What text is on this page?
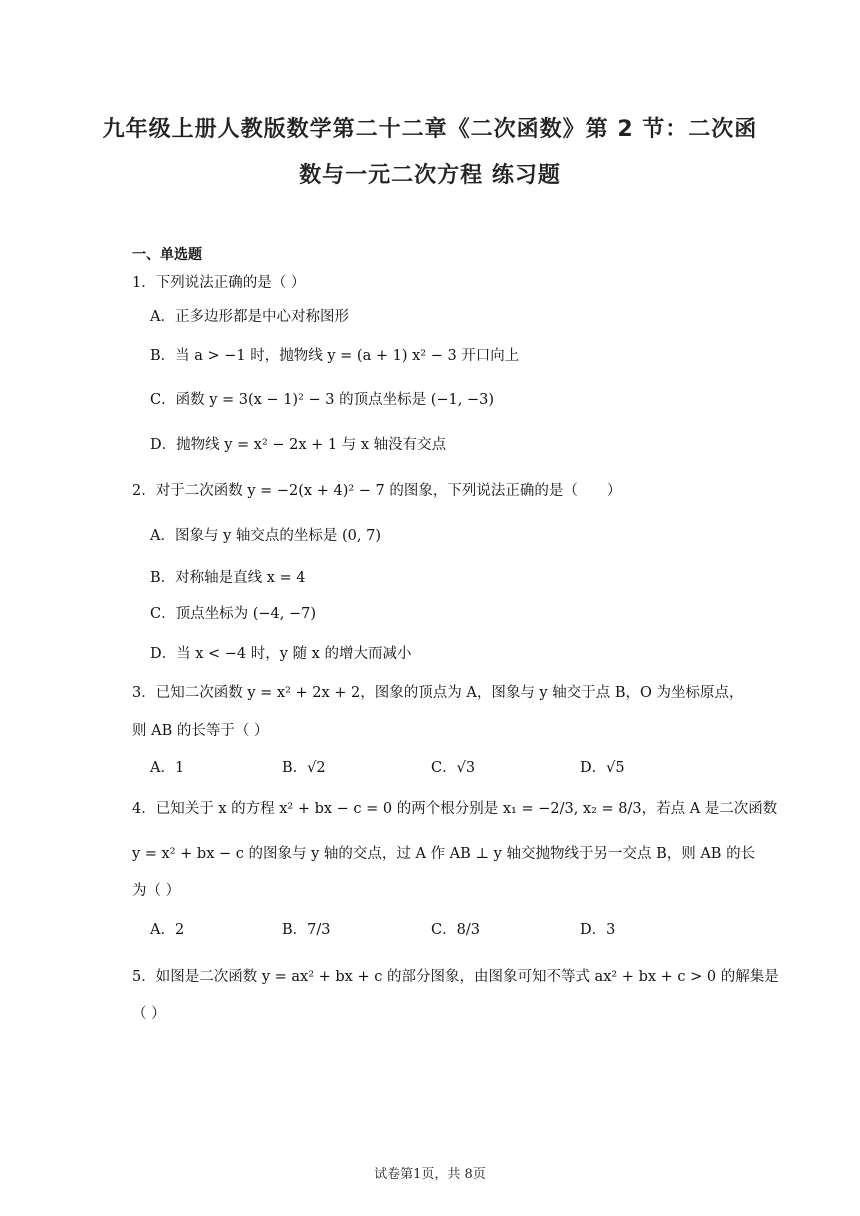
九年级上册人教版数学第二十二章《二次函数》第 2 节：二次函
数与一元二次方程 练习题
一、单选题
1．下列说法正确的是（ ）
A．正多边形都是中心对称图形
B．当 a > −1 时，抛物线 y = (a + 1) x² − 3 开口向上
C．函数 y = 3(x − 1)² − 3 的顶点坐标是 (−1, −3)
D．抛物线 y = x² − 2x + 1 与 x 轴没有交点
2．对于二次函数 y = −2(x + 4)² − 7 的图象，下列说法正确的是（　　）
A．图象与 y 轴交点的坐标是 (0, 7)
B．对称轴是直线 x = 4
C．顶点坐标为 (−4, −7)
D．当 x < −4 时，y 随 x 的增大而减小
3．已知二次函数 y = x² + 2x + 2，图象的顶点为 A，图象与 y 轴交于点 B，O 为坐标原点，
则 AB 的长等于（ ）
A．1	B．√2	C．√3	D．√5
4．已知关于 x 的方程 x² + bx − c = 0 的两个根分别是 x₁ = −2/3, x₂ = 8/3，若点 A 是二次函数
y = x² + bx − c 的图象与 y 轴的交点，过 A 作 AB ⊥ y 轴交抛物线于另一交点 B，则 AB 的长
为（ ）
A．2	B．7/3	C．8/3	D．3
5．如图是二次函数 y = ax² + bx + c 的部分图象，由图象可知不等式 ax² + bx + c > 0 的解集是
（ ）
试卷第1页，共 8页
